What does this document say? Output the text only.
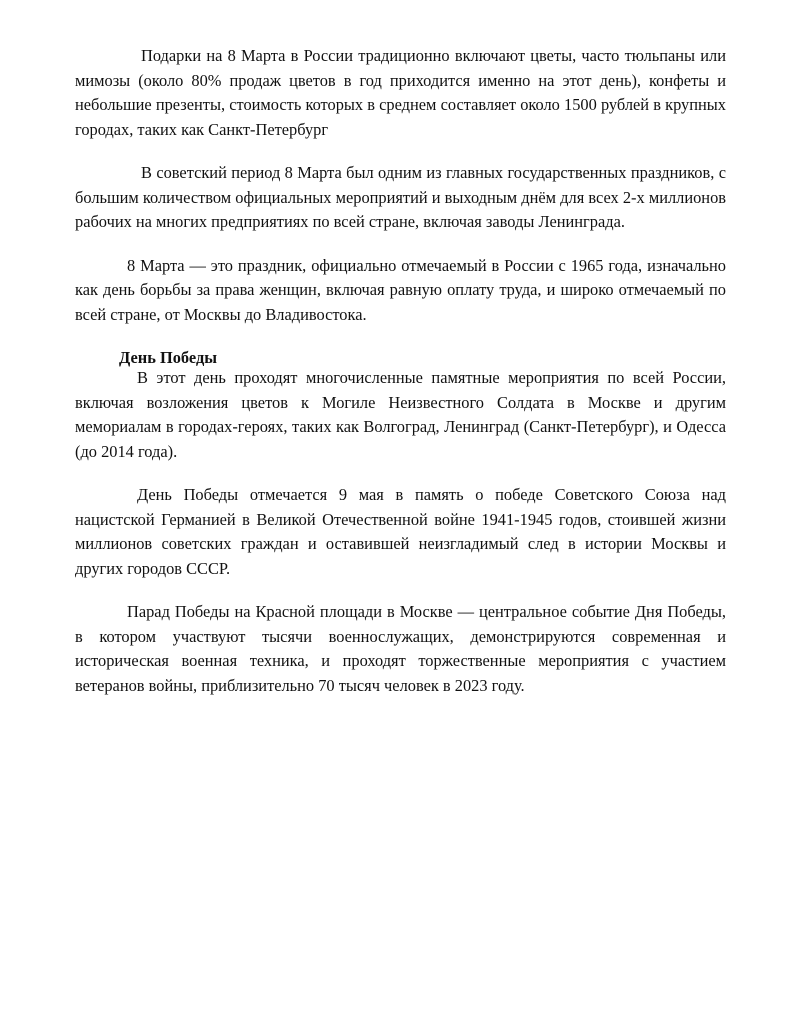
Подарки на 8 Марта в России традиционно включают цветы, часто тюльпаны или мимозы (около 80% продаж цветов в год приходится именно на этот день), конфеты и небольшие презенты, стоимость которых в среднем составляет около 1500 рублей в крупных городах, таких как Санкт-Петербург

В советский период 8 Марта был одним из главных государственных праздников, с большим количеством официальных мероприятий и выходным днём для всех 2-х миллионов рабочих на многих предприятиях по всей стране, включая заводы Ленинграда.

8 Марта — это праздник, официально отмечаемый в России с 1965 года, изначально как день борьбы за права женщин, включая равную оплату труда, и широко отмечаемый по всей стране, от Москвы до Владивостока.

День Победы

В этот день проходят многочисленные памятные мероприятия по всей России, включая возложения цветов к Могиле Неизвестного Солдата в Москве и другим мемориалам в городах-героях, таких как Волгоград, Ленинград (Санкт-Петербург), и Одесса (до 2014 года).

День Победы отмечается 9 мая в память о победе Советского Союза над нацистской Германией в Великой Отечественной войне 1941-1945 годов, стоившей жизни миллионов советских граждан и оставившей неизгладимый след в истории Москвы и других городов СССР.

Парад Победы на Красной площади в Москве — центральное событие Дня Победы, в котором участвуют тысячи военнослужащих, демонстрируются современная и историческая военная техника, и проходят торжественные мероприятия с участием ветеранов войны, приблизительно 70 тысяч человек в 2023 году.
